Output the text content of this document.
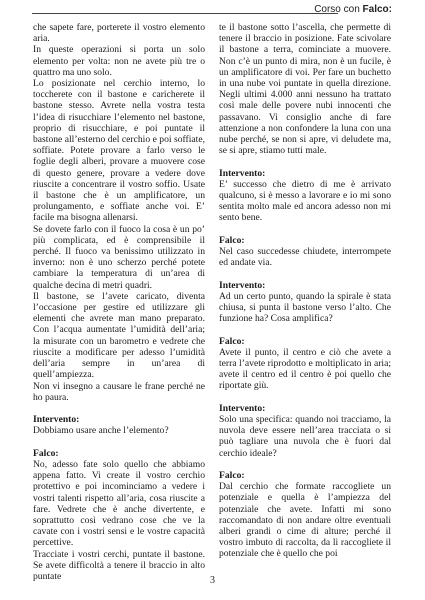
Corso con Falco:
che sapete fare, porterete il vostro elemento aria.
In queste operazioni si porta un solo elemento per volta: non ne avete più tre o quattro ma uno solo.
Lo posizionate nel cerchio interno, lo toccherete con il bastone e caricherete il bastone stesso. Avrete nella vostra testa l’idea di risucchiare l’elemento nel bastone, proprio di risucchiare, e poi puntate il bastone all’esterno del cerchio e poi soffiate, soffiate. Potete provare a farlo verso le foglie degli alberi, provare a muovere cose di questo genere, provare a vedere dove riuscite a concentrare il vostro soffio. Usate il bastone che è un amplificatore, un prolungamento, e soffiate anche voi. E’ facile ma bisogna allenarsi.
Se dovete farlo con il fuoco la cosa è un po’ più complicata, ed è comprensibile il perché. Il fuoco va benissimo utilizzato in inverno: non è uno scherzo perché potete cambiare la temperatura di un’area di qualche decina di metri quadri.
Il bastone, se l’avete caricato, diventa l’occasione per gestire ed utilizzare gli elementi che avrete man mano preparato. Con l’acqua aumentate l’umidità dell’aria; la misurate con un barometro e vedrete che riuscite a modificare per adesso l’umidità dell’aria sempre in un’area di quell’ampiezza.
Non vi insegno a causare le frane perché ne ho paura.
Intervento:
Dobbiamo usare anche l’elemento?
Falco:
No, adesso fate solo quello che abbiamo appena fatto. Vi create il vostro cerchio protettivo e poi incominciamo a vedere i vostri talenti rispetto all’aria, cosa riuscite a fare. Vedrete che è anche divertente, e soprattutto così vedrano cose che ve la cavate con i vostri sensi e le vostre capacità percettive.
Tracciate i vostri cerchi, puntate il bastone. Se avete difficoltà a tenere il braccio in alto puntate
te il bastone sotto l’ascella, che permette di tenere il braccio in posizione. Fate scivolare il bastone a terra, cominciate a muovere. Non c’è un punto di mira, non è un fucile, è un amplificatore di voi. Per fare un buchetto in una nube voi puntate in quella direzione. Negli ultimi 4.000 anni nessuno ha trattato così male delle povere nubi innocenti che passavano. Vi consiglio anche di fare attenzione a non confondere la luna con una nube perché, se non si apre, vi deludete ma, se si apre, stiamo tutti male.
Intervento:
E’ successo che dietro di me è arrivato qualcuno, si è messo a lavorare e io mi sono sentita molto male ed ancora adesso non mi sento bene.
Falco:
Nel caso succedesse chiudete, interrompete ed andate via.
Intervento:
Ad un certo punto, quando la spirale è stata chiusa, si punta il bastone verso l’alto. Che funzione ha? Cosa amplifica?
Falco:
Avete il punto, il centro e ciò che avete a terra l’avete riprodotto e moltiplicato in aria; avete il centro ed il centro è poi quello che riportate giù.
Intervento:
Solo una specifica: quando noi tracciamo, la nuvola deve essere nell’area tracciata o si può tagliare una nuvola che è fuori dal cerchio ideale?
Falco:
Dal cerchio che formate raccogliete un potenziale e quella è l’ampiezza del potenziale che avete. Infatti mi sono raccomandato di non andare oltre eventuali alberi grandi o cime di alture; perché il vostro imbuto di raccolta, da lì raccogliete il potenziale che è quello che poi
3
